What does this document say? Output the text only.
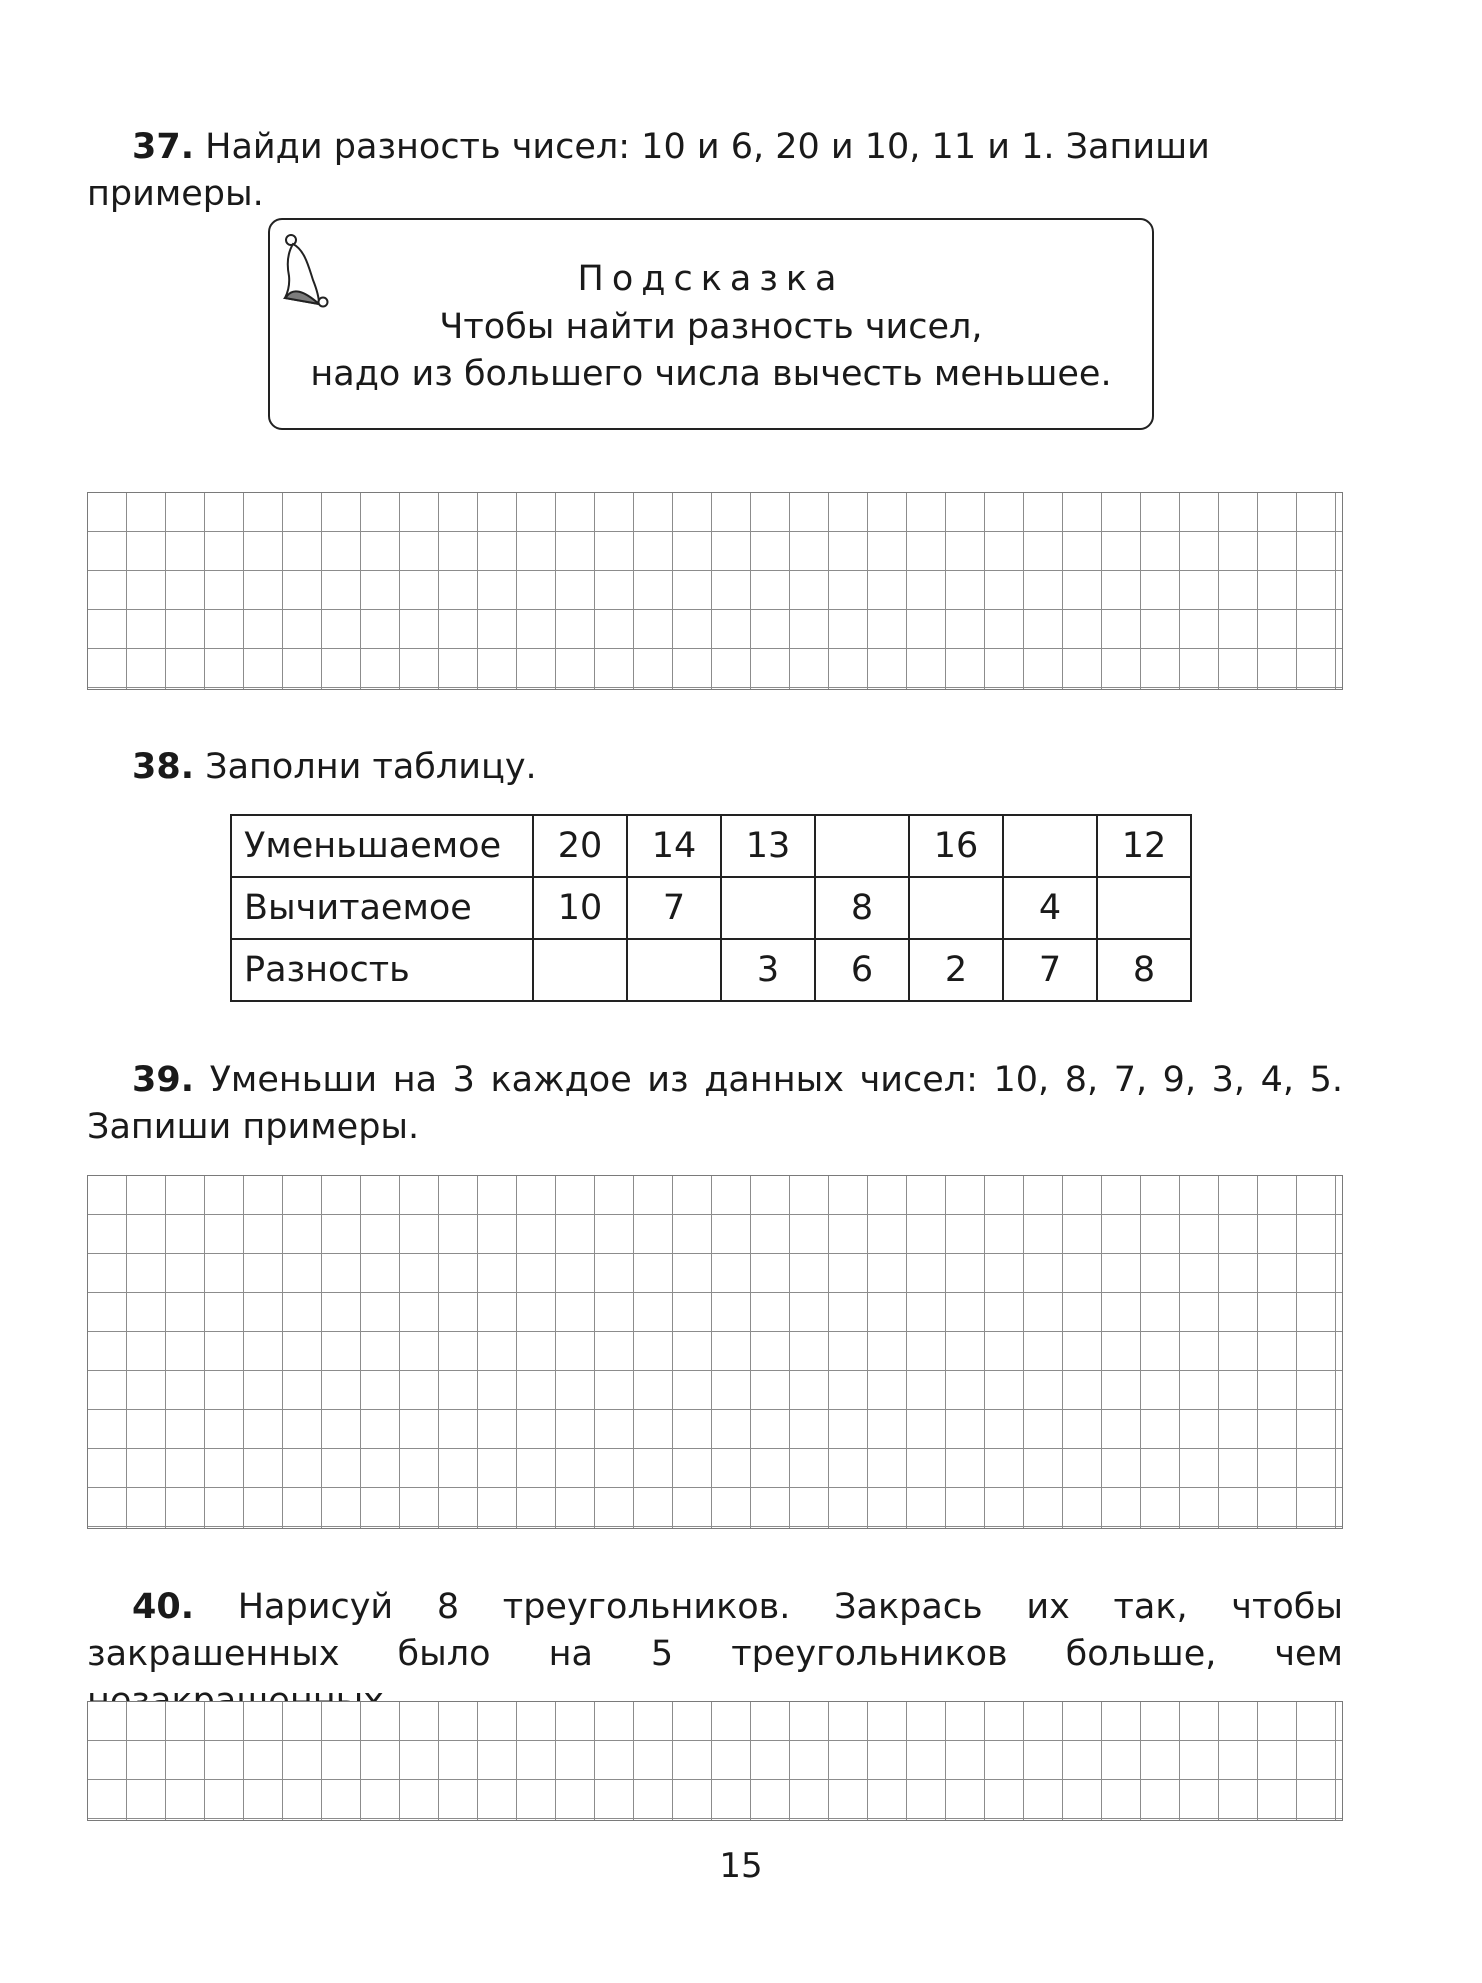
37. Найди разность чисел: 10 и 6, 20 и 10, 11 и 1. Запиши примеры.

Подсказка
Чтобы найти разность чисел,
надо из большего числа вычесть меньшее.

38. Заполни таблицу.

Уменьшаемое	20	14	13		16		12
Вычитаемое	10	7		8		4	
Разность			3	6	2	7	8

39. Уменьши на 3 каждое из данных чисел: 10, 8, 7, 9, 3, 4, 5. Запиши примеры.

40. Нарисуй 8 треугольников. Закрась их так, чтобы закрашенных было на 5 треугольников больше, чем

15
